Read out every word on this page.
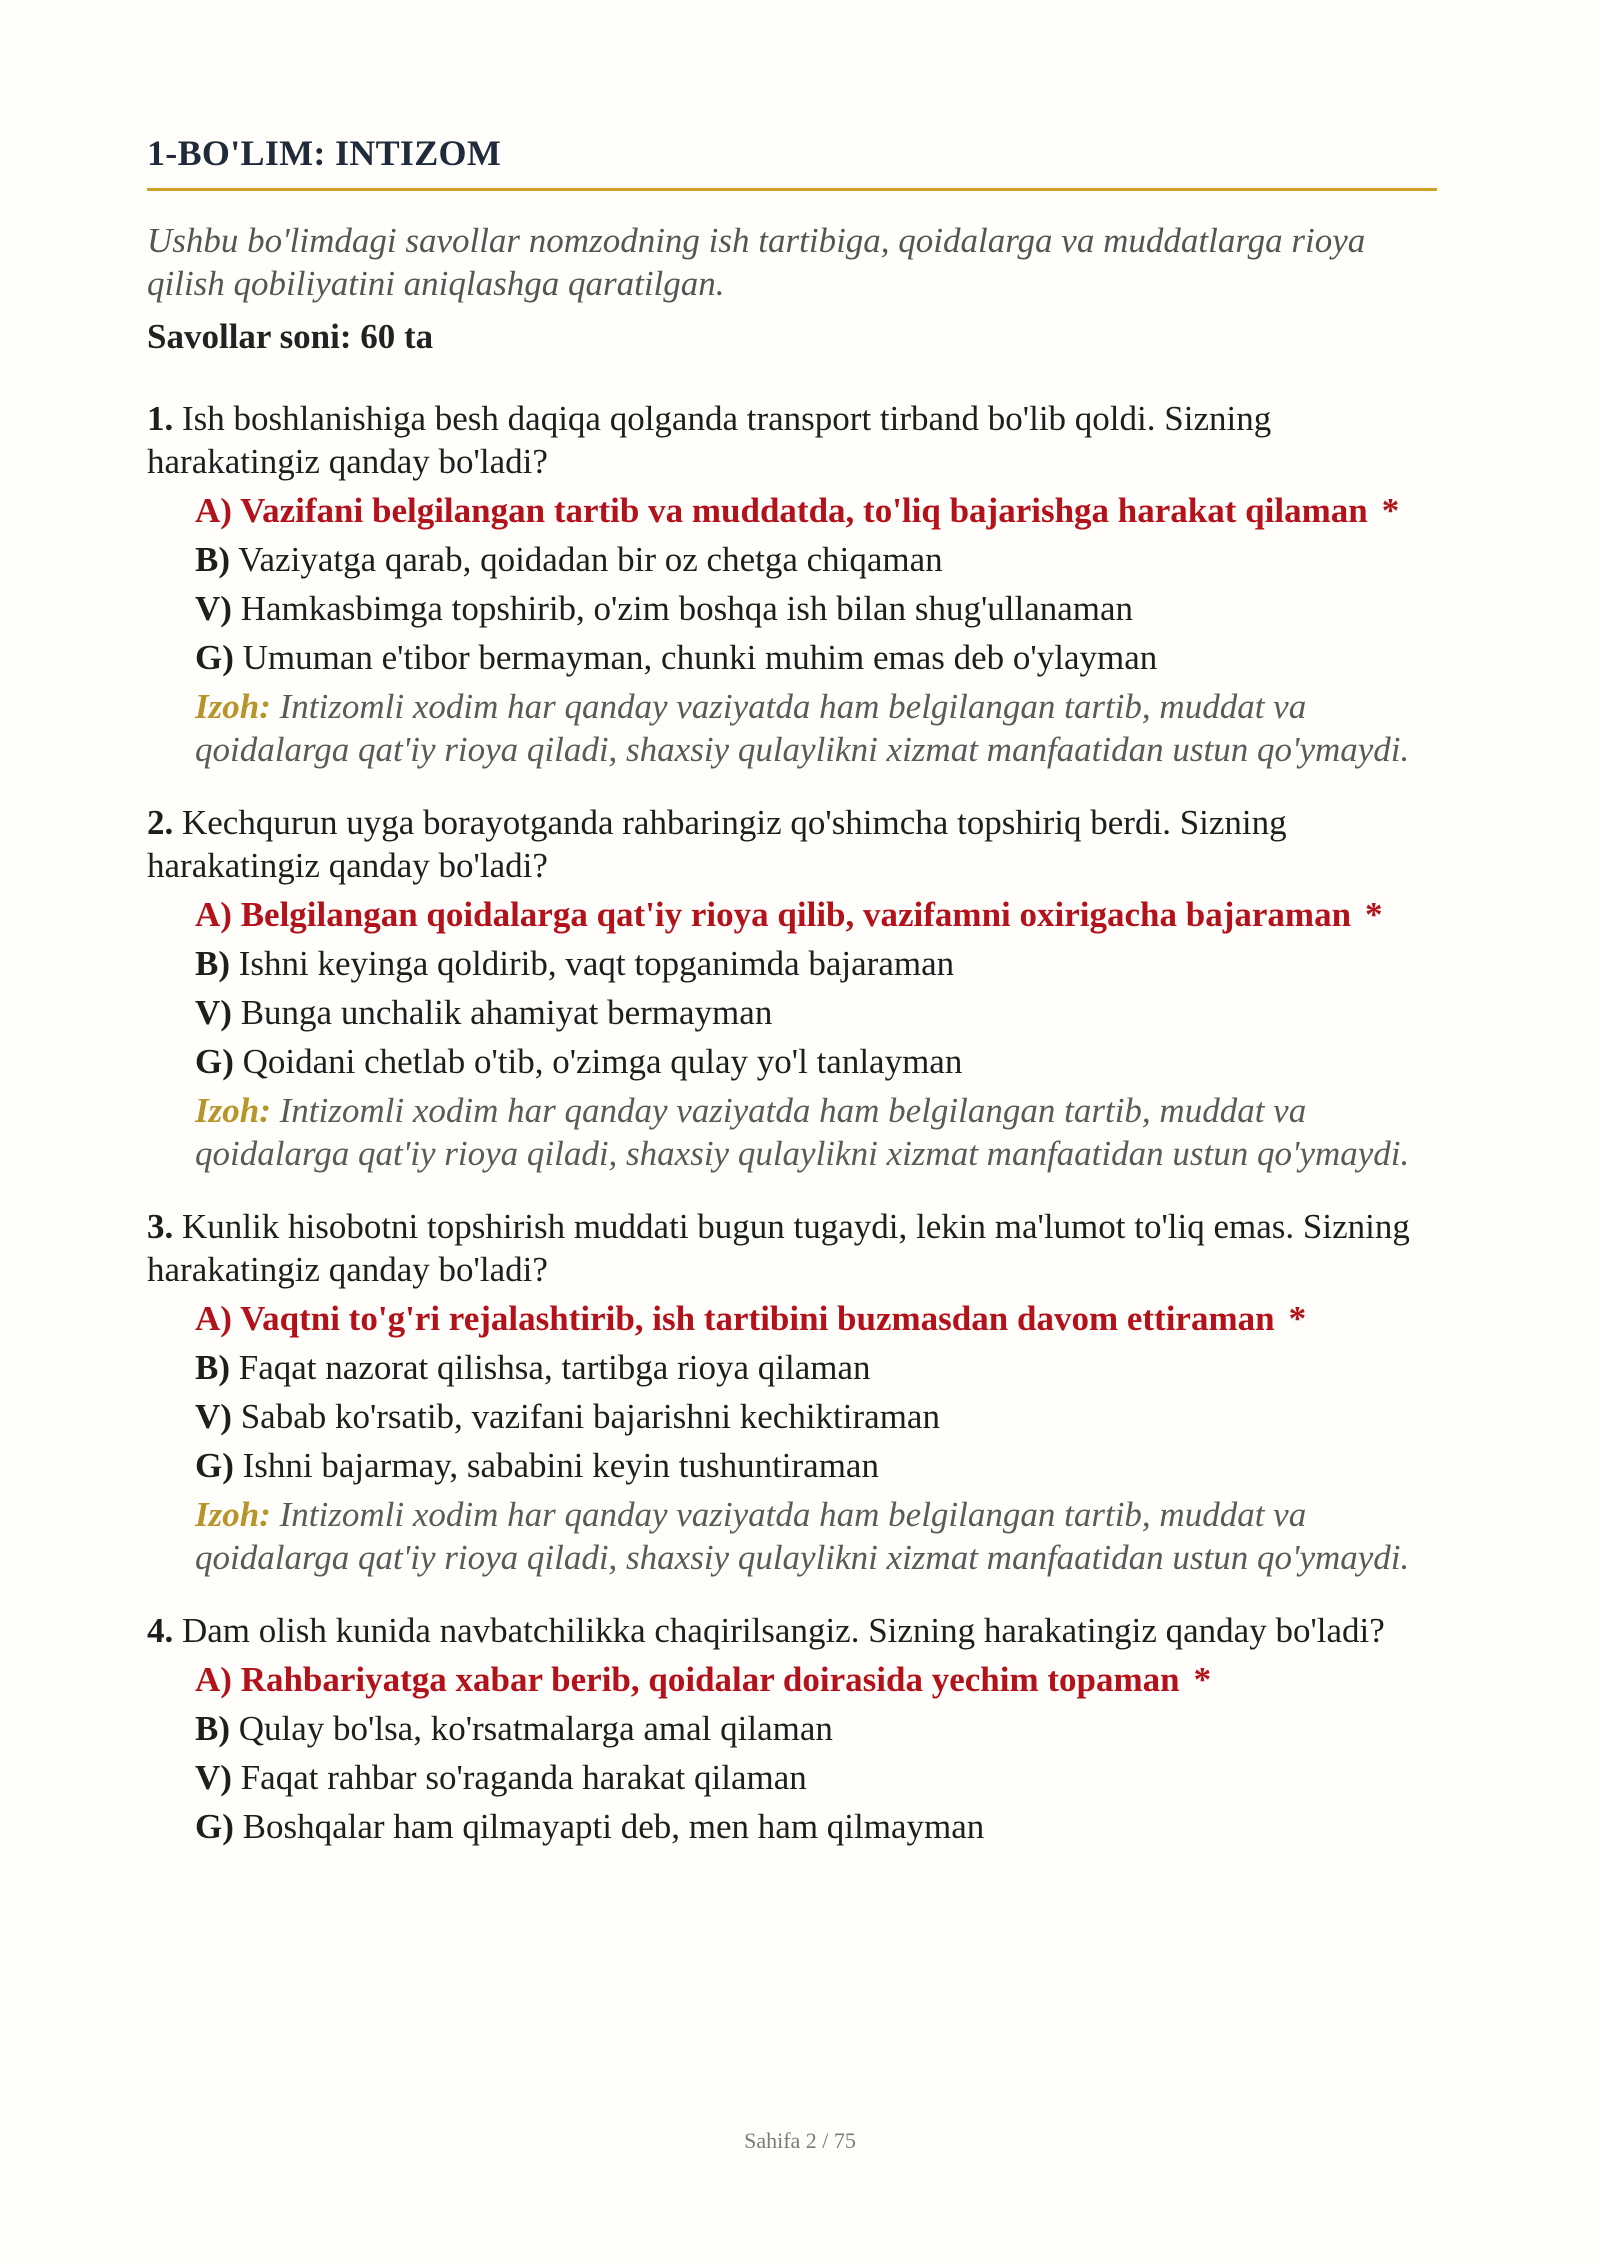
1-BO'LIM: INTIZOM

Ushbu bo'limdagi savollar nomzodning ish tartibiga, qoidalarga va muddatlarga rioya qilish qobiliyatini aniqlashga qaratilgan.

Savollar soni: 60 ta

1. Ish boshlanishiga besh daqiqa qolganda transport tirband bo'lib qoldi. Sizning harakatingiz qanday bo'ladi?

A) Vazifani belgilangan tartib va muddatda, to'liq bajarishga harakat qilaman *

B) Vaziyatga qarab, qoidadan bir oz chetga chiqaman

V) Hamkasbimga topshirib, o'zim boshqa ish bilan shug'ullanaman

G) Umuman e'tibor bermayman, chunki muhim emas deb o'ylayman

Izoh: Intizomli xodim har qanday vaziyatda ham belgilangan tartib, muddat va qoidalarga qat'iy rioya qiladi, shaxsiy qulaylikni xizmat manfaatidan ustun qo'ymaydi.

2. Kechqurun uyga borayotganda rahbaringiz qo'shimcha topshiriq berdi. Sizning harakatingiz qanday bo'ladi?

A) Belgilangan qoidalarga qat'iy rioya qilib, vazifamni oxirigacha bajaraman *

B) Ishni keyinga qoldirib, vaqt topganimda bajaraman

V) Bunga unchalik ahamiyat bermayman

G) Qoidani chetlab o'tib, o'zimga qulay yo'l tanlayman

Izoh: Intizomli xodim har qanday vaziyatda ham belgilangan tartib, muddat va qoidalarga qat'iy rioya qiladi, shaxsiy qulaylikni xizmat manfaatidan ustun qo'ymaydi.

3. Kunlik hisobotni topshirish muddati bugun tugaydi, lekin ma'lumot to'liq emas. Sizning harakatingiz qanday bo'ladi?

A) Vaqtni to'g'ri rejalashtirib, ish tartibini buzmasdan davom ettiraman *

B) Faqat nazorat qilishsa, tartibga rioya qilaman

V) Sabab ko'rsatib, vazifani bajarishni kechiktiraman

G) Ishni bajarmay, sababini keyin tushuntiraman

Izoh: Intizomli xodim har qanday vaziyatda ham belgilangan tartib, muddat va qoidalarga qat'iy rioya qiladi, shaxsiy qulaylikni xizmat manfaatidan ustun qo'ymaydi.

4. Dam olish kunida navbatchilikka chaqirilsangiz. Sizning harakatingiz qanday bo'ladi?

A) Rahbariyatga xabar berib, qoidalar doirasida yechim topaman *

B) Qulay bo'lsa, ko'rsatmalarga amal qilaman

V) Faqat rahbar so'raganda harakat qilaman

G) Boshqalar ham qilmayapti deb, men ham qilmayman

Sahifa 2 / 75
